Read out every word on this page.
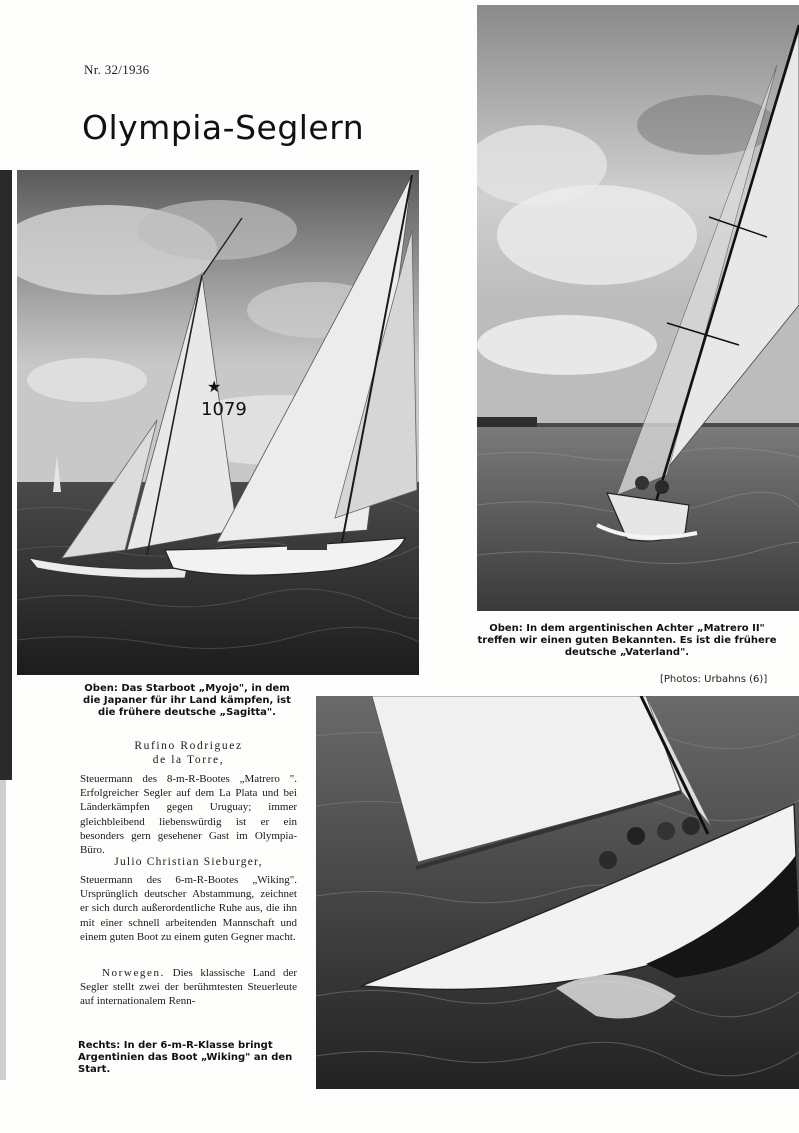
Nr. 32/1936
Olympia-Seglern
★
1079
Oben: Das Starboot „Myojo", in dem die Japaner für ihr Land kämpfen, ist die frühere deutsche „Sagitta".
Oben: In dem argentinischen Achter „Matrero II" treffen wir einen guten Bekannten. Es ist die frühere deutsche „Vaterland".
[Photos: Urbahns (6)]
Rufino Rodriguez
de la Torre,

Steuermann des 8-m-R-Bootes „Matrero ". Erfolgreicher Segler auf dem La Plata und bei Länderkämpfen gegen Uruguay; immer gleichbleibend liebenswürdig ist er ein besonders gern gesehener Gast im Olympia-Büro.

Julio Christian Sieburger,

Steuermann des 6-m-R-Bootes „Wiking". Ursprünglich deutscher Abstammung, zeichnet er sich durch außerordentliche Ruhe aus, die ihn mit einer schnell arbeitenden Mannschaft und einem guten Boot zu einem guten Gegner macht.

Norwegen. Dies klassische Land der Segler stellt zwei der berühmtesten Steuerleute auf internationalem Renn-

Rechts: In der 6-m-R-Klasse bringt Argentinien das Boot „Wiking" an den Start.
